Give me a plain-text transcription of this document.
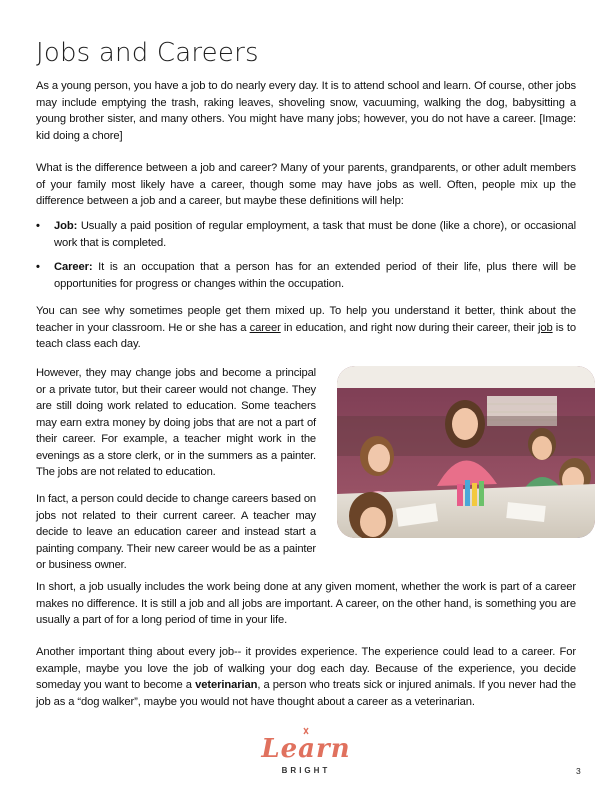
Jobs and Careers

As a young person, you have a job to do nearly every day. It is to attend school and learn. Of course, other jobs may include emptying the trash, raking leaves, shoveling snow, vacuuming, walking the dog, babysitting a young brother sister, and many others. You might have many jobs; however, you do not have a career. [Image: kid doing a chore]

What is the difference between a job and career? Many of your parents, grandparents, or other adult members of your family most likely have a career, though some may have jobs as well. Often, people mix up the difference between a job and a career, but maybe these definitions will help:

• Job: Usually a paid position of regular employment, a task that must be done (like a chore), or occasional work that is completed.
• Career: It is an occupation that a person has for an extended period of their life, plus there will be opportunities for progress or changes within the occupation.

You can see why sometimes people get them mixed up. To help you understand it better, think about the teacher in your classroom. He or she has a career in education, and right now during their career, their job is to teach class each day.

However, they may change jobs and become a principal or a private tutor, but their career would not change. They are still doing work related to education. Some teachers may earn extra money by doing jobs that are not a part of their career. For example, a teacher might work in the evenings as a store clerk, or in the summers as a painter. The jobs are not related to education.

In fact, a person could decide to change careers based on jobs not related to their current career. A teacher may decide to leave an education career and instead start a painting company. Their new career would be as a painter or business owner.

In short, a job usually includes the work being done at any given moment, whether the work is part of a career makes no difference. It is still a job and all jobs are important. A career, on the other hand, is something you are usually a part of for a long period of time in your life.

Another important thing about every job-- it provides experience. The experience could lead to a career. For example, maybe you love the job of walking your dog each day. Because of the experience, you decide someday you want to become a veterinarian, a person who treats sick or injured animals. If you never had the job as a “dog walker”, maybe you would not have thought about a career as a veterinarian.

Learn
BRIGHT	3
